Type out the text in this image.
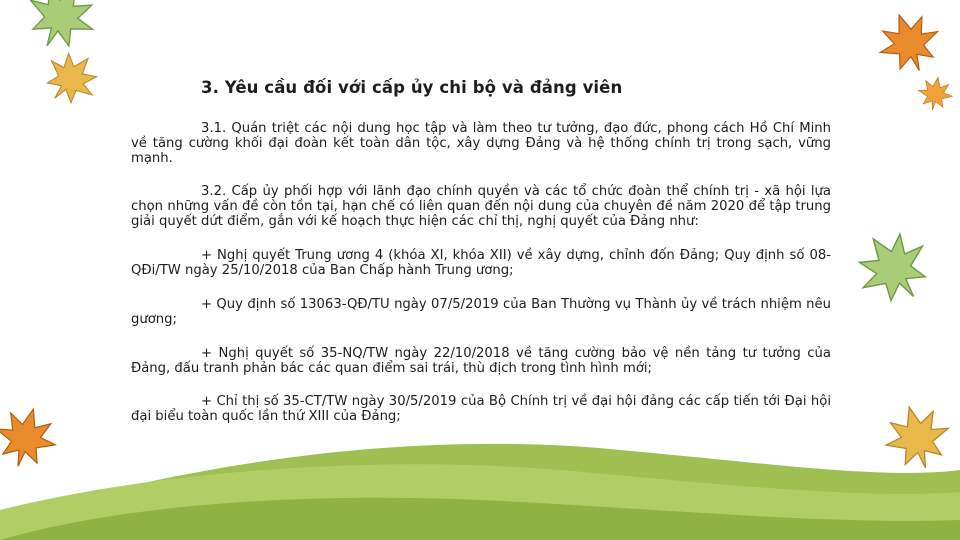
3. Yêu cầu đối với cấp ủy chi bộ và đảng viên
3.1. Quán triệt các nội dung học tập và làm theo tư tưởng, đạo đức, phong cách Hồ Chí Minh về tăng cường khối đại đoàn kết toàn dân tộc, xây dựng Đảng và hệ thống chính trị trong sạch, vững mạnh.
3.2. Cấp ủy phối hợp với lãnh đạo chính quyền và các tổ chức đoàn thể chính trị - xã hội lựa chọn những vấn đề còn tồn tại, hạn chế có liên quan đến nội dung của chuyên đề năm 2020 để tập trung giải quyết dứt điểm, gắn với kế hoạch thực hiện các chỉ thị, nghị quyết của Đảng như:
+ Nghị quyết Trung ương 4 (khóa XI, khóa XII) về xây dựng, chỉnh đốn Đảng; Quy định số 08-QĐi/TW ngày 25/10/2018 của Ban Chấp hành Trung ương;
+ Quy định số 13063-QĐ/TU ngày 07/5/2019 của Ban Thường vụ Thành ủy về trách nhiệm nêu gương;
+ Nghị quyết số 35-NQ/TW ngày 22/10/2018 về tăng cường bảo vệ nền tảng tư tưởng của Đảng, đấu tranh phản bác các quan điểm sai trái, thù địch trong tình hình mới;
+ Chỉ thị số 35-CT/TW ngày 30/5/2019 của Bộ Chính trị về đại hội đảng các cấp tiến tới Đại hội đại biểu toàn quốc lần thứ XIII của Đảng;
